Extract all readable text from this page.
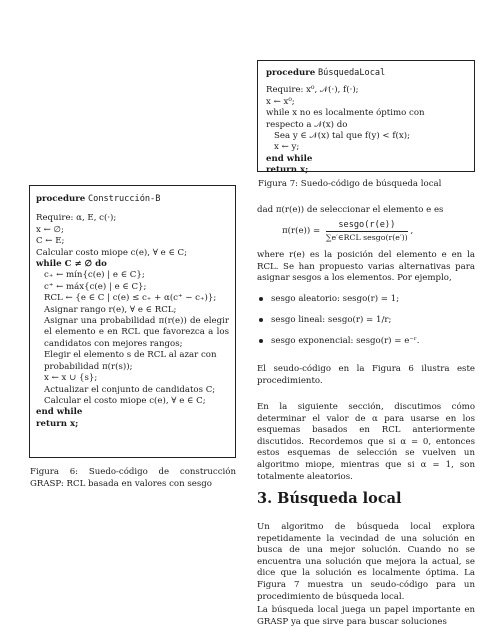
procedure BúsquedaLocal
Require: x⁰, 𝒩(·), f(·);
x ← x⁰;
while x no es localmente óptimo con respecto a 𝒩(x) do
Sea y ∈ 𝒩(x) tal que f(y) < f(x);
x ← y;
end while
return x;
Figura 7: Suedo-código de búsqueda local
procedure Construcción-B
Require: α, E, c(·);
x ← ∅;
C ← E;
Calcular costo miope c(e), ∀ e ∈ C;
while C ≠ ∅ do
c₊ ← mín{c(e) | e ∈ C};
c⁺ ← máx{c(e) | e ∈ C};
RCL ← {e ∈ C | c(e) ≤ c₊ + α(c⁺ − c₊)};
Asignar rango r(e), ∀ e ∈ RCL;
Asignar una probabilidad π(r(e)) de elegir el elemento e en RCL que favorezca a los candidatos con mejores rangos;
Elegir el elemento s de RCL al azar con probabilidad π(r(s));
x ← x ∪ {s};
Actualizar el conjunto de candidatos C;
Calcular el costo miope c(e), ∀ e ∈ C;
end while
return x;
Figura 6: Suedo-código de construcción GRASP: RCL basada en valores con sesgo
dad π(r(e)) de seleccionar el elemento e es
$\pi(r(e)) = \frac{\text{sesgo(r(e))}}{\text{∑e′∈RCL sesgo(r(e′))}}$ ,
where r(e) es la posición del elemento e en la RCL. Se han propuesto varias alternativas para asignar sesgos a los elementos. Por ejemplo,
sesgo aleatorio: sesgo(r) = 1;
sesgo lineal: sesgo(r) = 1/r;
sesgo exponencial: sesgo(r) = e⁻ʳ.
El seudo-código en la Figura 6 ilustra este procedimiento.
En la siguiente sección, discutimos cómo determinar el valor de α para usarse en los esquemas basados en RCL anteriormente discutidos. Recordemos que si α = 0, entonces estos esquemas de selección se vuelven un algoritmo miope, mientras que si α = 1, son totalmente aleatorios.
3. Búsqueda local
Un algoritmo de búsqueda local explora repetidamente la vecindad de una solución en busca de una mejor solución. Cuando no se encuentra una solución que mejora la actual, se dice que la solución es localmente óptima. La Figura 7 muestra un seudo-código para un procedimiento de búsqueda local.
La búsqueda local juega un papel importante en GRASP ya que sirve para buscar soluciones
